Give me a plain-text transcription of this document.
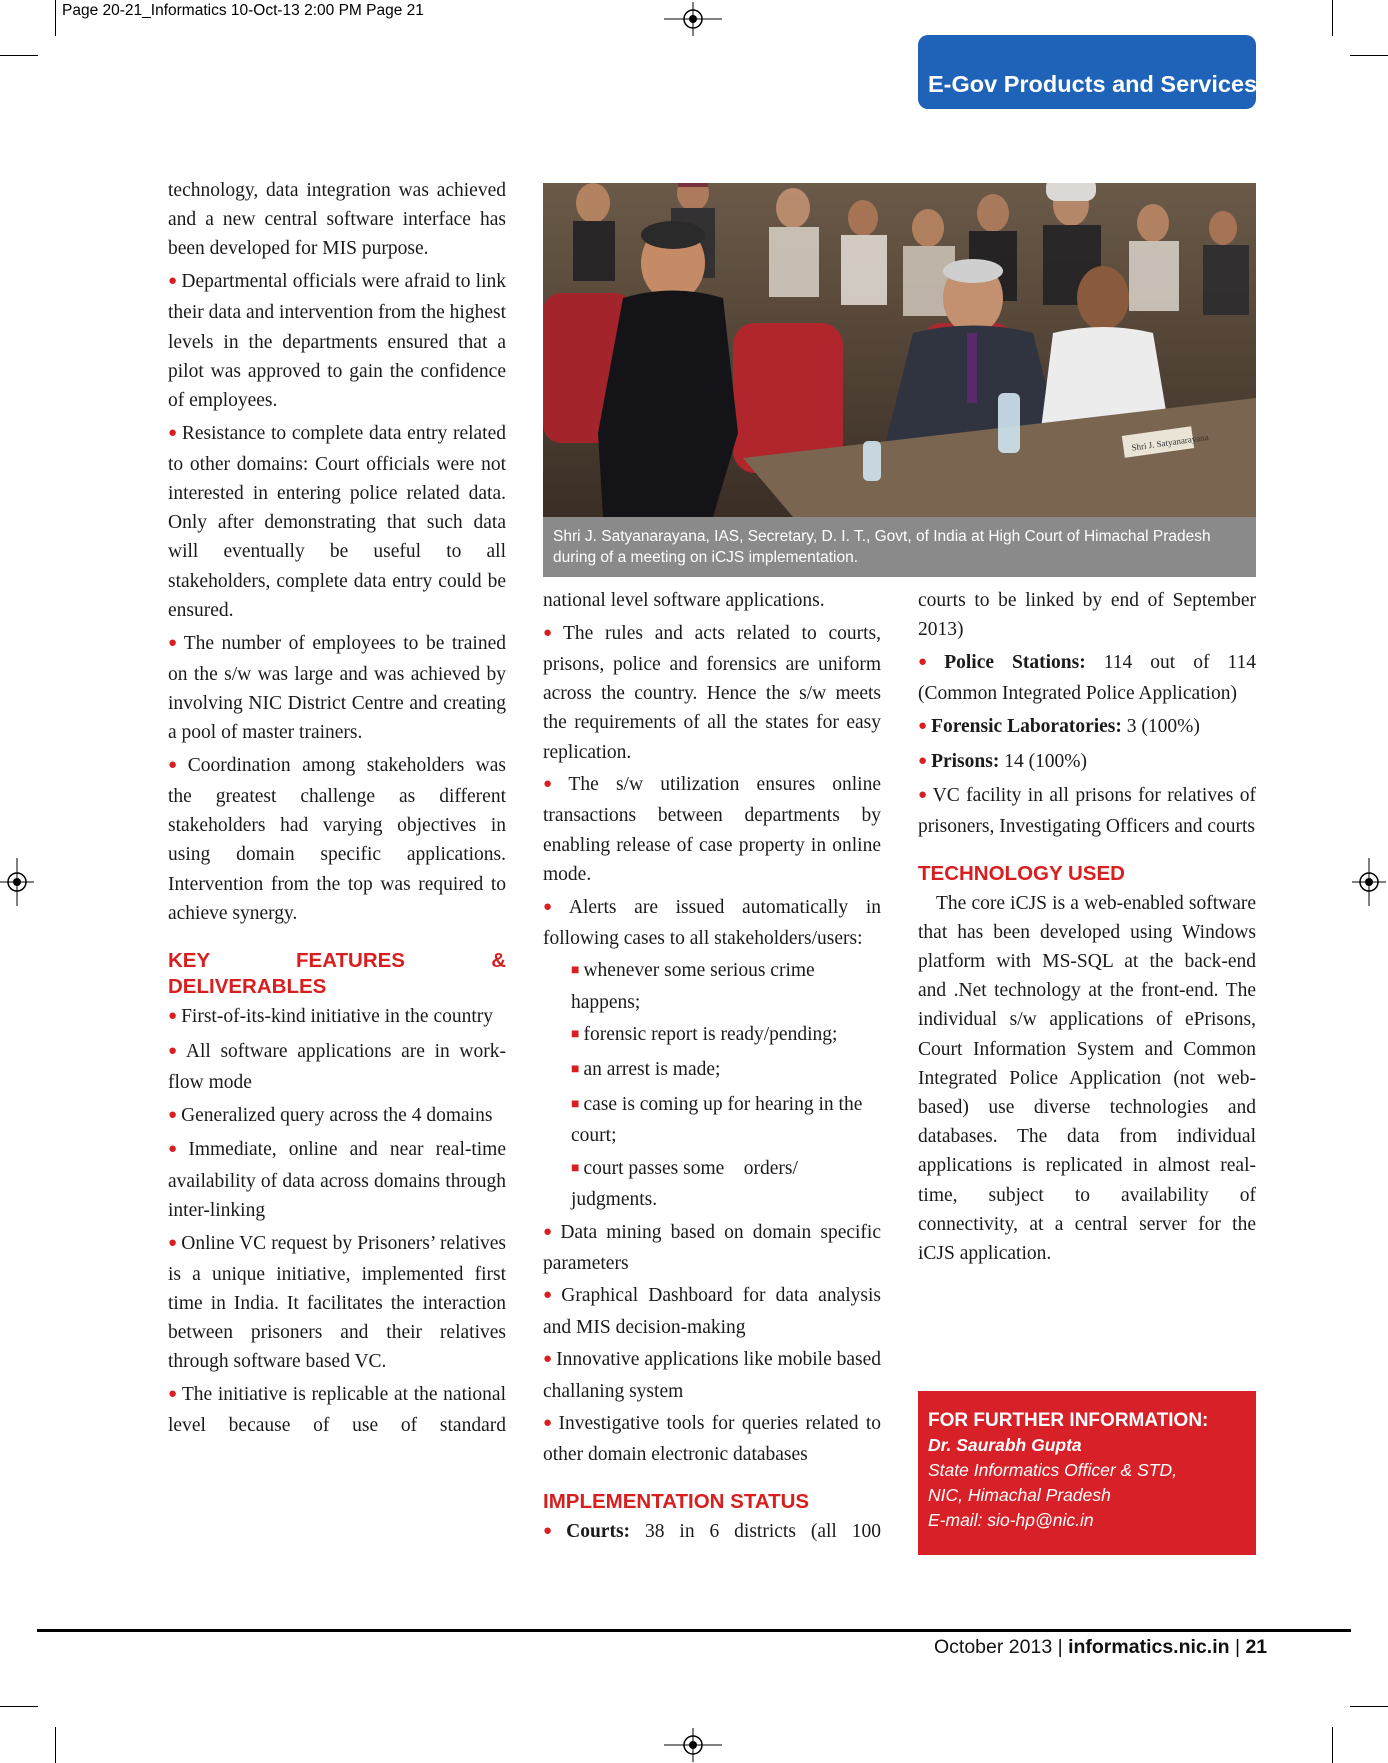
Page 20-21_Informatics 10-Oct-13 2:00 PM Page 21
E-Gov Products and Services

technology, data integration was achieved and a new central software interface has been developed for MIS purpose.

● Departmental officials were afraid to link their data and intervention from the highest levels in the departments ensured that a pilot was approved to gain the confidence of employees.

● Resistance to complete data entry related to other domains: Court officials were not interested in entering police related data. Only after demonstrating that such data will eventually be useful to all stakeholders, complete data entry could be ensured.

● The number of employees to be trained on the s/w was large and was achieved by involving NIC District Centre and creating a pool of master trainers.

● Coordination among stakeholders was the greatest challenge as different stakeholders had varying objectives in using domain specific applications. Intervention from the top was required to achieve synergy.

KEY FEATURES & DELIVERABLES

● First-of-its-kind initiative in the country

● All software applications are in work-flow mode

● Generalized query across the 4 domains

● Immediate, online and near real-time availability of data across domains through inter-linking

● Online VC request by Prisoners’ relatives is a unique initiative, implemented first time in India. It facilitates the interaction between prisoners and their relatives through software based VC.

● The initiative is replicable at the national level because of use of standard

Shri J. Satyanarayana
Shri J. Satyanarayana, IAS, Secretary, D. I. T., Govt, of India at High Court of Himachal Pradesh
during of a meeting on iCJS implementation.

national level software applications.

● The rules and acts related to courts, prisons, police and forensics are uniform across the country. Hence the s/w meets the requirements of all the states for easy replication.

● The s/w utilization ensures online transactions between departments by enabling release of case property in online mode.

● Alerts are issued automatically in following cases to all stakeholders/users:

■ whenever some serious crime happens;

■ forensic report is ready/pending;

■ an arrest is made;

■ case is coming up for hearing in the court;

■ court passes some    orders/ judgments.

● Data mining based on domain specific parameters

● Graphical Dashboard for data analysis and MIS decision-making

● Innovative applications like mobile based challaning system

● Investigative tools for queries related to other domain electronic databases

IMPLEMENTATION STATUS

● Courts: 38 in 6 districts (all 100

courts to be linked by end of September 2013)

● Police Stations: 114 out of 114 (Common Integrated Police Application)

● Forensic Laboratories: 3 (100%)

● Prisons: 14 (100%)

● VC facility in all prisons for relatives of prisoners, Investigating Officers and courts

TECHNOLOGY USED

The core iCJS is a web-enabled software that has been developed using Windows platform with MS-SQL at the back-end and .Net technology at the front-end. The individual s/w applications of ePrisons, Court Information System and Common Integrated Police Application (not web-based) use diverse technologies and databases. The data from individual applications is replicated in almost real-time, subject to availability of connectivity, at a central server for the iCJS application.

FOR FURTHER INFORMATION:
Dr. Saurabh Gupta
State Informatics Officer & STD,
NIC, Himachal Pradesh
E-mail: sio-hp@nic.in
October 2013 | informatics.nic.in | 21
